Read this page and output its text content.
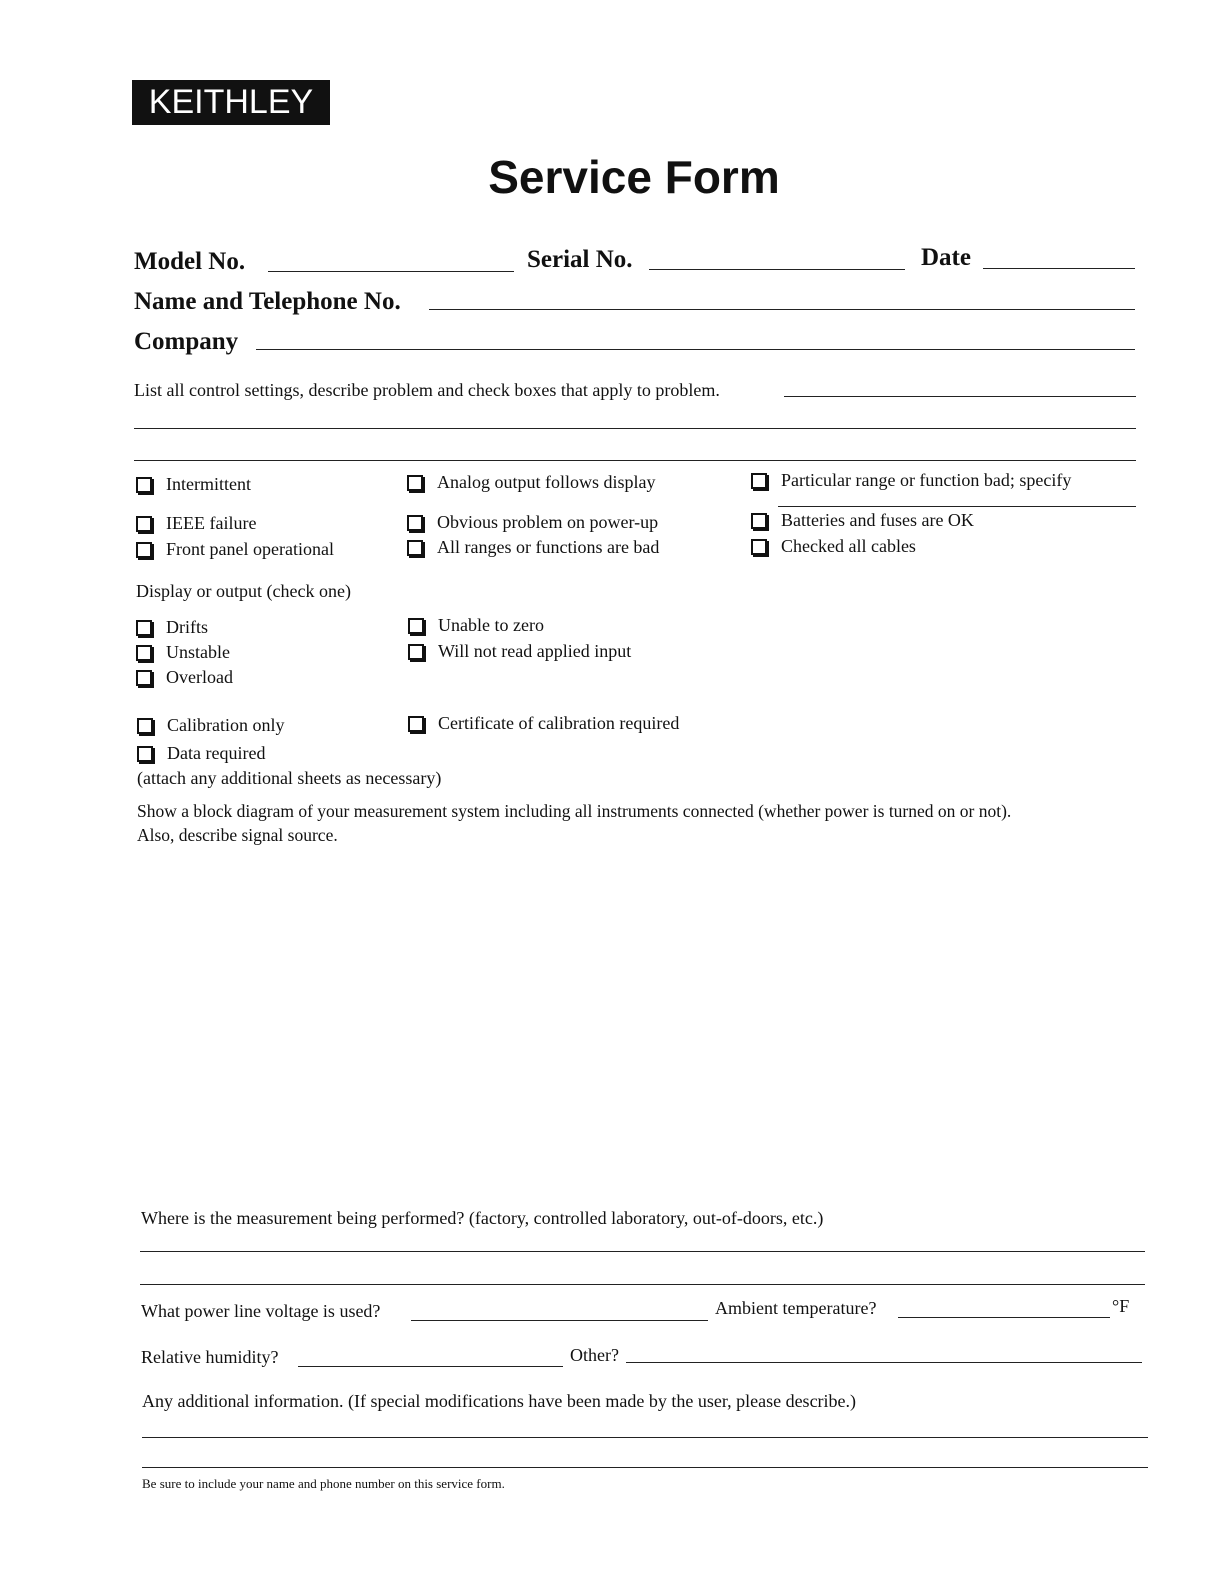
KEITHLEY
Service Form
Model No.	Serial No.	Date
Name and Telephone No.
Company
List all control settings, describe problem and check boxes that apply to problem.
Intermittent
IEEE failure
Front panel operational
Analog output follows display
Obvious problem on power-up
All ranges or functions are bad
Particular range or function bad; specify
Batteries and fuses are OK
Checked all cables
Display or output (check one)
Drifts
Unstable
Overload
Unable to zero
Will not read applied input
Calibration only	Certificate of calibration required
Data required
(attach any additional sheets as necessary)
Show a block diagram of your measurement system including all instruments connected (whether power is turned on or not).
Also, describe signal source.
Where is the measurement being performed? (factory, controlled laboratory, out-of-doors, etc.)
What power line voltage is used?	Ambient temperature?	°F
Relative humidity?	Other?
Any additional information. (If special modifications have been made by the user, please describe.)
Be sure to include your name and phone number on this service form.
